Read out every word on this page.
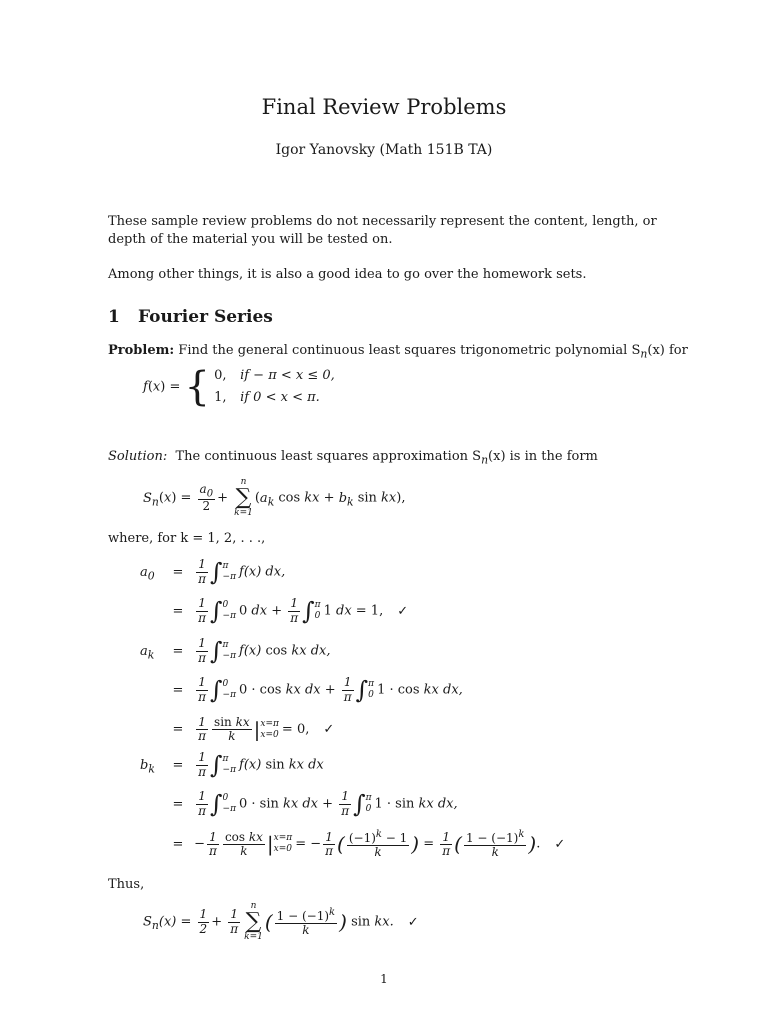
Final Review Problems
Igor Yanovsky (Math 151B TA)
These sample review problems do not necessarily represent the content, length, or depth of the material you will be tested on.
Among other things, it is also a good idea to go over the homework sets.
1 Fourier Series
Problem: Find the general continuous least squares trigonometric polynomial $S_n(x)$ for
f(x) = { 0, if − π < x ≤ 0,
1, if 0 < x < π.
Solution: The continuous least squares approximation $S_n(x)$ is in the form
$S_n(x) = \frac{a_0}{2}$ +
n
∑
k=1
($a_k$ cos kx + $b_k$ sin kx),
where, for k = 1, 2, . . .,
$a_0 = \frac{1}{\pi}$ ∫ π
−π f(x) dx,
= $\frac{1}{\pi}$ ∫ 0
−π 0 dx + $\frac{1}{\pi}$ ∫ π
0 1 dx = 1, ✓
$a_k = \frac{1}{\pi}$ ∫ π
−π f(x) cos kx dx,
= $\frac{1}{\pi}$ ∫ 0
−π 0 · cos kx dx + $\frac{1}{\pi}$ ∫ π
0 1 · cos kx dx,
= $\frac{1}{\pi} \frac{\text{sin kx}}{k}$ | x=π
x=0 = 0, ✓
$b_k = \frac{1}{\pi}$ ∫ π
−π f(x) sin kx dx
= $\frac{1}{\pi}$ ∫ 0
−π 0 · sin kx dx + $\frac{1}{\pi}$ ∫ π
0 1 · sin kx dx,
= − $\frac{1}{\pi} \frac{\text{cos kx}}{k}$ | x=π
x=0 = − $\frac{1}{\pi}$ ( $\frac{(-1)^k - 1}{k}$ ) = $\frac{1}{\pi}$ ( $\frac{1 - (-1)^k}{k}$ ). ✓
Thus,
$S_n(x) = \frac{1}{2} + \frac{1}{\pi}$
n
∑
k=1
( $\frac{1 - (-1)^k}{k}$ ) sin kx. ✓
1
